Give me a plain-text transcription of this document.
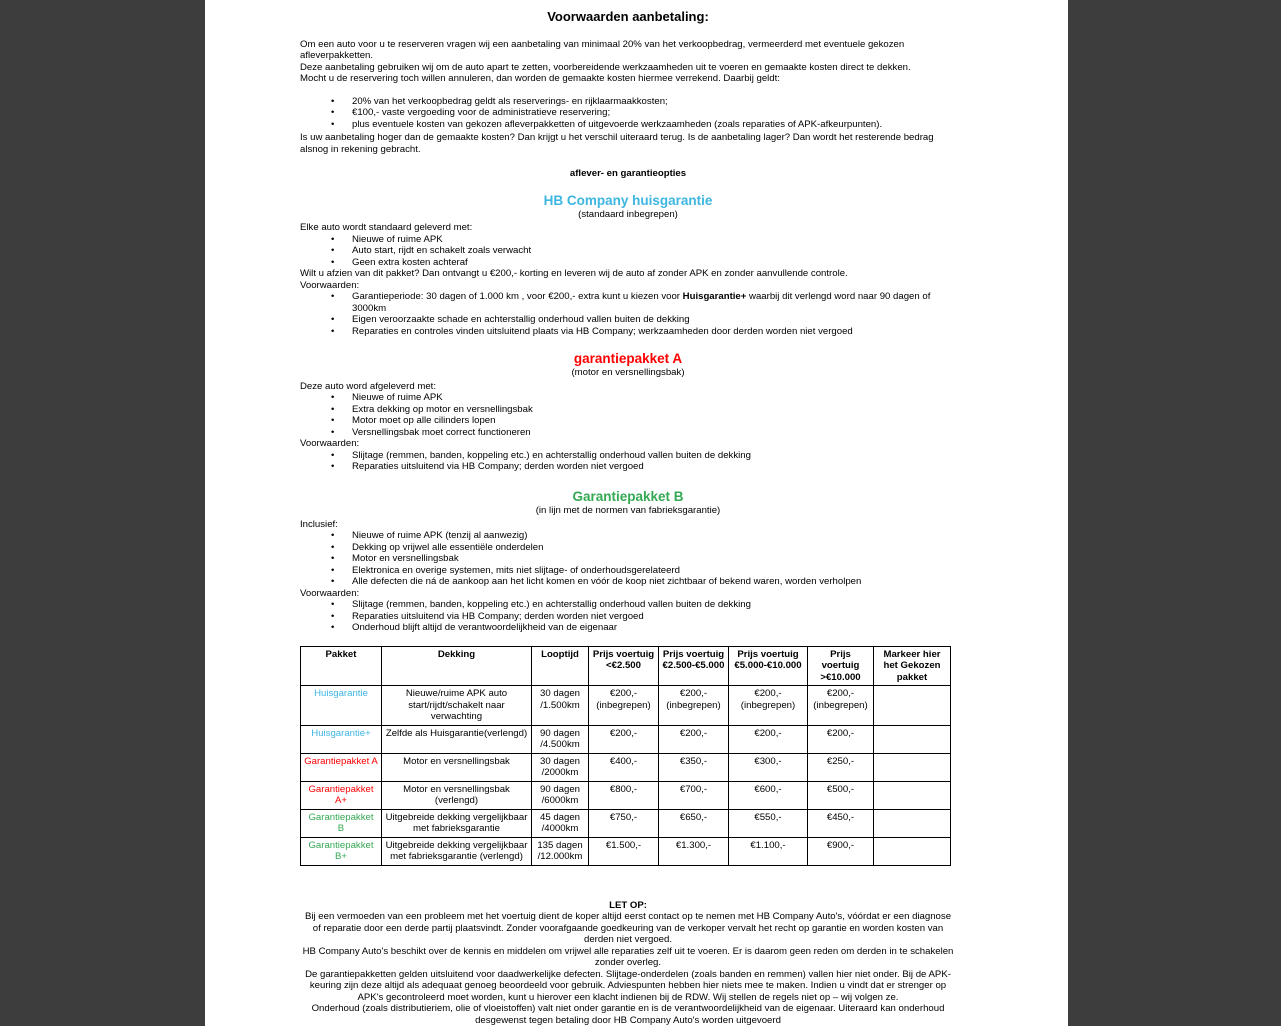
Voorwaarden aanbetaling:

Om een auto voor u te reserveren vragen wij een aanbetaling van minimaal 20% van het verkoopbedrag, vermeerderd met eventuele gekozen afleverpakketten.

Deze aanbetaling gebruiken wij om de auto apart te zetten, voorbereidende werkzaamheden uit te voeren en gemaakte kosten direct te dekken.

Mocht u de reservering toch willen annuleren, dan worden de gemaakte kosten hiermee verrekend. Daarbij geldt:

• 20% van het verkoopbedrag geldt als reserverings- en rijklaarmaakkosten;
• €100,- vaste vergoeding voor de administratieve reservering;
• plus eventuele kosten van gekozen afleverpakketten of uitgevoerde werkzaamheden (zoals reparaties of APK-afkeurpunten).

Is uw aanbetaling hoger dan de gemaakte kosten? Dan krijgt u het verschil uiteraard terug. Is de aanbetaling lager? Dan wordt het resterende bedrag alsnog in rekening gebracht.

aflever- en garantieopties
HB Company huisgarantie
(standaard inbegrepen)

Elke auto wordt standaard geleverd met:

• Nieuwe of ruime APK
• Auto start, rijdt en schakelt zoals verwacht
• Geen extra kosten achteraf

Wilt u afzien van dit pakket? Dan ontvangt u €200,- korting en leveren wij de auto af zonder APK en zonder aanvullende controle.

Voorwaarden:

• Garantieperiode: 30 dagen of 1.000 km , voor €200,- extra kunt u kiezen voor Huisgarantie+ waarbij dit verlengd word naar 90 dagen of 3000km
• Eigen veroorzaakte schade en achterstallig onderhoud vallen buiten de dekking
• Reparaties en controles vinden uitsluitend plaats via HB Company; werkzaamheden door derden worden niet vergoed
garantiepakket A
(motor en versnellingsbak)

Deze auto word afgeleverd met:

• Nieuwe of ruime APK
• Extra dekking op motor en versnellingsbak
• Motor moet op alle cilinders lopen
• Versnellingsbak moet correct functioneren

Voorwaarden:

• Slijtage (remmen, banden, koppeling etc.) en achterstallig onderhoud vallen buiten de dekking
• Reparaties uitsluitend via HB Company; derden worden niet vergoed
Garantiepakket B
(in lijn met de normen van fabrieksgarantie)

Inclusief:

• Nieuwe of ruime APK (tenzij al aanwezig)
• Dekking op vrijwel alle essentiële onderdelen
• Motor en versnellingsbak
• Elektronica en overige systemen, mits niet slijtage- of onderhoudsgerelateerd
• Alle defecten die ná de aankoop aan het licht komen en vóór de koop niet zichtbaar of bekend waren, worden verholpen

Voorwaarden:

• Slijtage (remmen, banden, koppeling etc.) en achterstallig onderhoud vallen buiten de dekking
• Reparaties uitsluitend via HB Company; derden worden niet vergoed
• Onderhoud blijft altijd de verantwoordelijkheid van de eigenaar
Pakket	Dekking	Looptijd	Prijs voertuig <€2.500	Prijs voertuig €2.500-€5.000	Prijs voertuig €5.000-€10.000	Prijs voertuig >€10.000	Markeer hier het Gekozen pakket
Huisgarantie	Nieuwe/ruime APK auto start/rijdt/schakelt naar verwachting	30 dagen /1.500km	€200,- (inbegrepen)	€200,- (inbegrepen)	€200,- (inbegrepen)	€200,- (inbegrepen)	
Huisgarantie+	Zelfde als Huisgarantie(verlengd)	90 dagen /4.500km	€200,-	€200,-	€200,-	€200,-	
Garantiepakket A	Motor en versnellingsbak	30 dagen /2000km	€400,-	€350,-	€300,-	€250,-	
Garantiepakket A+	Motor en versnellingsbak (verlengd)	90 dagen /6000km	€800,-	€700,-	€600,-	€500,-	
Garantiepakket B	Uitgebreide dekking vergelijkbaar met fabrieksgarantie	45 dagen /4000km	€750,-	€650,-	€550,-	€450,-	
Garantiepakket B+	Uitgebreide dekking vergelijkbaar met fabrieksgarantie (verlengd)	135 dagen /12.000km	€1.500,-	€1.300,-	€1.100,-	€900,-	
LET OP:

Bij een vermoeden van een probleem met het voertuig dient de koper altijd eerst contact op te nemen met HB Company Auto's, vóórdat er een diagnose of reparatie door een derde partij plaatsvindt. Zonder voorafgaande goedkeuring van de verkoper vervalt het recht op garantie en worden kosten van derden niet vergoed.

HB Company Auto's beschikt over de kennis en middelen om vrijwel alle reparaties zelf uit te voeren. Er is daarom geen reden om derden in te schakelen zonder overleg.

De garantiepakketten gelden uitsluitend voor daadwerkelijke defecten. Slijtage-onderdelen (zoals banden en remmen) vallen hier niet onder. Bij de APK-keuring zijn deze altijd als adequaat genoeg beoordeeld voor gebruik. Adviespunten hebben hier niets mee te maken. Indien u vindt dat er strenger op APK's gecontroleerd moet worden, kunt u hierover een klacht indienen bij de RDW. Wij stellen de regels niet op – wij volgen ze.

Onderhoud (zoals distributieriem, olie of vloeistoffen) valt niet onder garantie en is de verantwoordelijkheid van de eigenaar. Uiteraard kan onderhoud desgewenst tegen betaling door HB Company Auto's worden uitgevoerd
